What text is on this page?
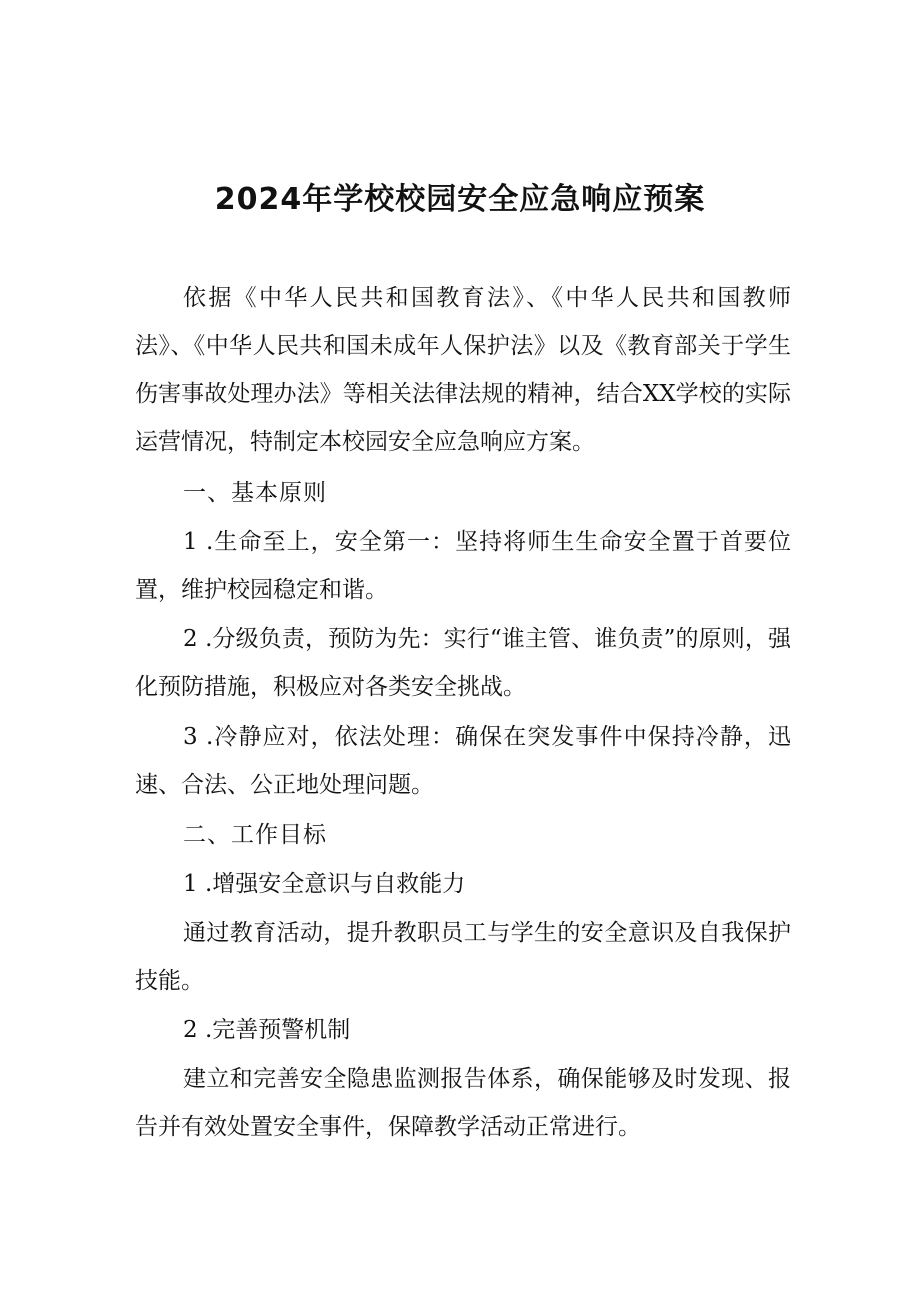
2024年学校校园安全应急响应预案

依据《中华人民共和国教育法》、《中华人民共和国教师法》、《中华人民共和国未成年人保护法》以及《教育部关于学生伤害事故处理办法》等相关法律法规的精神，结合XX学校的实际运营情况，特制定本校园安全应急响应方案。

一、基本原则

1 .生命至上，安全第一：坚持将师生生命安全置于首要位置，维护校园稳定和谐。

2 .分级负责，预防为先：实行“谁主管、谁负责”的原则，强化预防措施，积极应对各类安全挑战。

3 .冷静应对，依法处理：确保在突发事件中保持冷静，迅速、合法、公正地处理问题。

二、工作目标

1 .增强安全意识与自救能力

通过教育活动，提升教职员工与学生的安全意识及自我保护技能。

2 .完善预警机制

建立和完善安全隐患监测报告体系，确保能够及时发现、报告并有效处置安全事件，保障教学活动正常进行。
